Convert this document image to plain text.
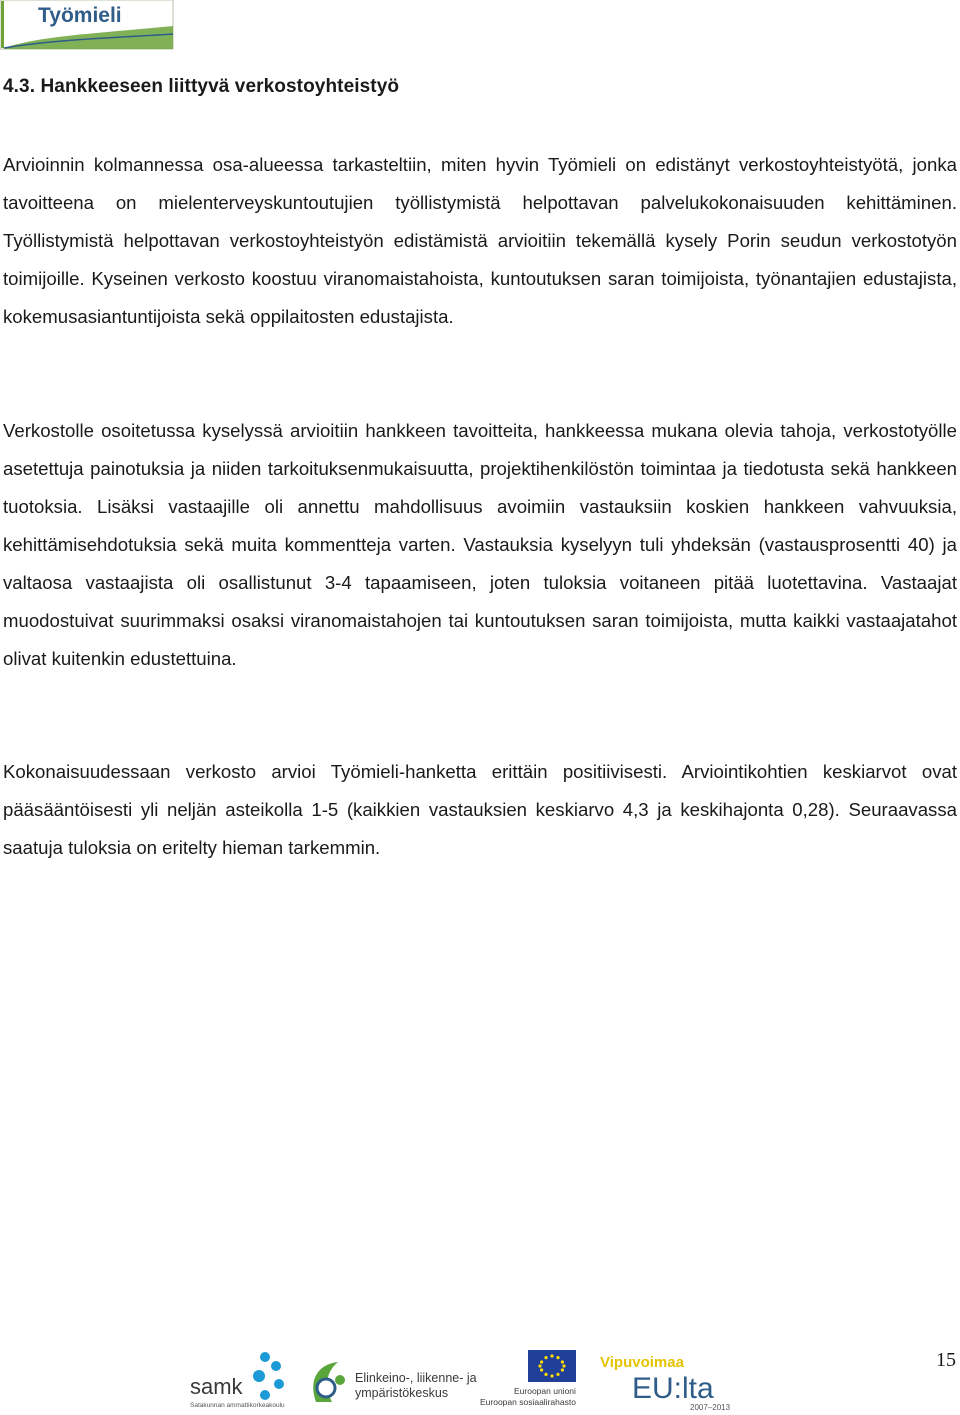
Työmieli
4.3. Hankkeeseen liittyvä verkostoyhteistyö

Arvioinnin kolmannessa osa-alueessa tarkasteltiin, miten hyvin Työmieli on edistänyt verkostoyhteistyötä, jonka tavoitteena on mielenterveyskuntoutujien työllistymistä helpottavan palvelukokonaisuuden kehittäminen. Työllistymistä helpottavan verkostoyhteistyön edistämistä arvioitiin tekemällä kysely Porin seudun verkostotyön toimijoille. Kyseinen verkosto koostuu viranomaistahoista, kuntoutuksen saran toimijoista, työnantajien edustajista, kokemusasiantuntijoista sekä oppilaitosten edustajista.

Verkostolle osoitetussa kyselyssä arvioitiin hankkeen tavoitteita, hankkeessa mukana olevia tahoja, verkostotyölle asetettuja painotuksia ja niiden tarkoituksenmukaisuutta, projektihenkilöstön toimintaa ja tiedotusta sekä hankkeen tuotoksia. Lisäksi vastaajille oli annettu mahdollisuus avoimiin vastauksiin koskien hankkeen vahvuuksia, kehittämisehdotuksia sekä muita kommentteja varten. Vastauksia kyselyyn tuli yhdeksän (vastausprosentti 40) ja valtaosa vastaajista oli osallistunut 3-4 tapaamiseen, joten tuloksia voitaneen pitää luotettavina. Vastaajat muodostuivat suurimmaksi osaksi viranomaistahojen tai kuntoutuksen saran toimijoista, mutta kaikki vastaajatahot olivat kuitenkin edustettuina.

Kokonaisuudessaan verkosto arvioi Työmieli-hanketta erittäin positiivisesti. Arviointikohtien keskiarvot ovat pääsääntöisesti yli neljän asteikolla 1-5 (kaikkien vastauksien keskiarvo 4,3 ja keskihajonta 0,28). Seuraavassa saatuja tuloksia on eritelty hieman tarkemmin.

samk
Satakunnan ammattikorkeakoulu
Elinkeino-, liikenne- ja
ympäristökeskus	Euroopan unioni
Euroopan sosiaalirahasto
Vipuvoimaa
EU:lta
2007–2013
15
